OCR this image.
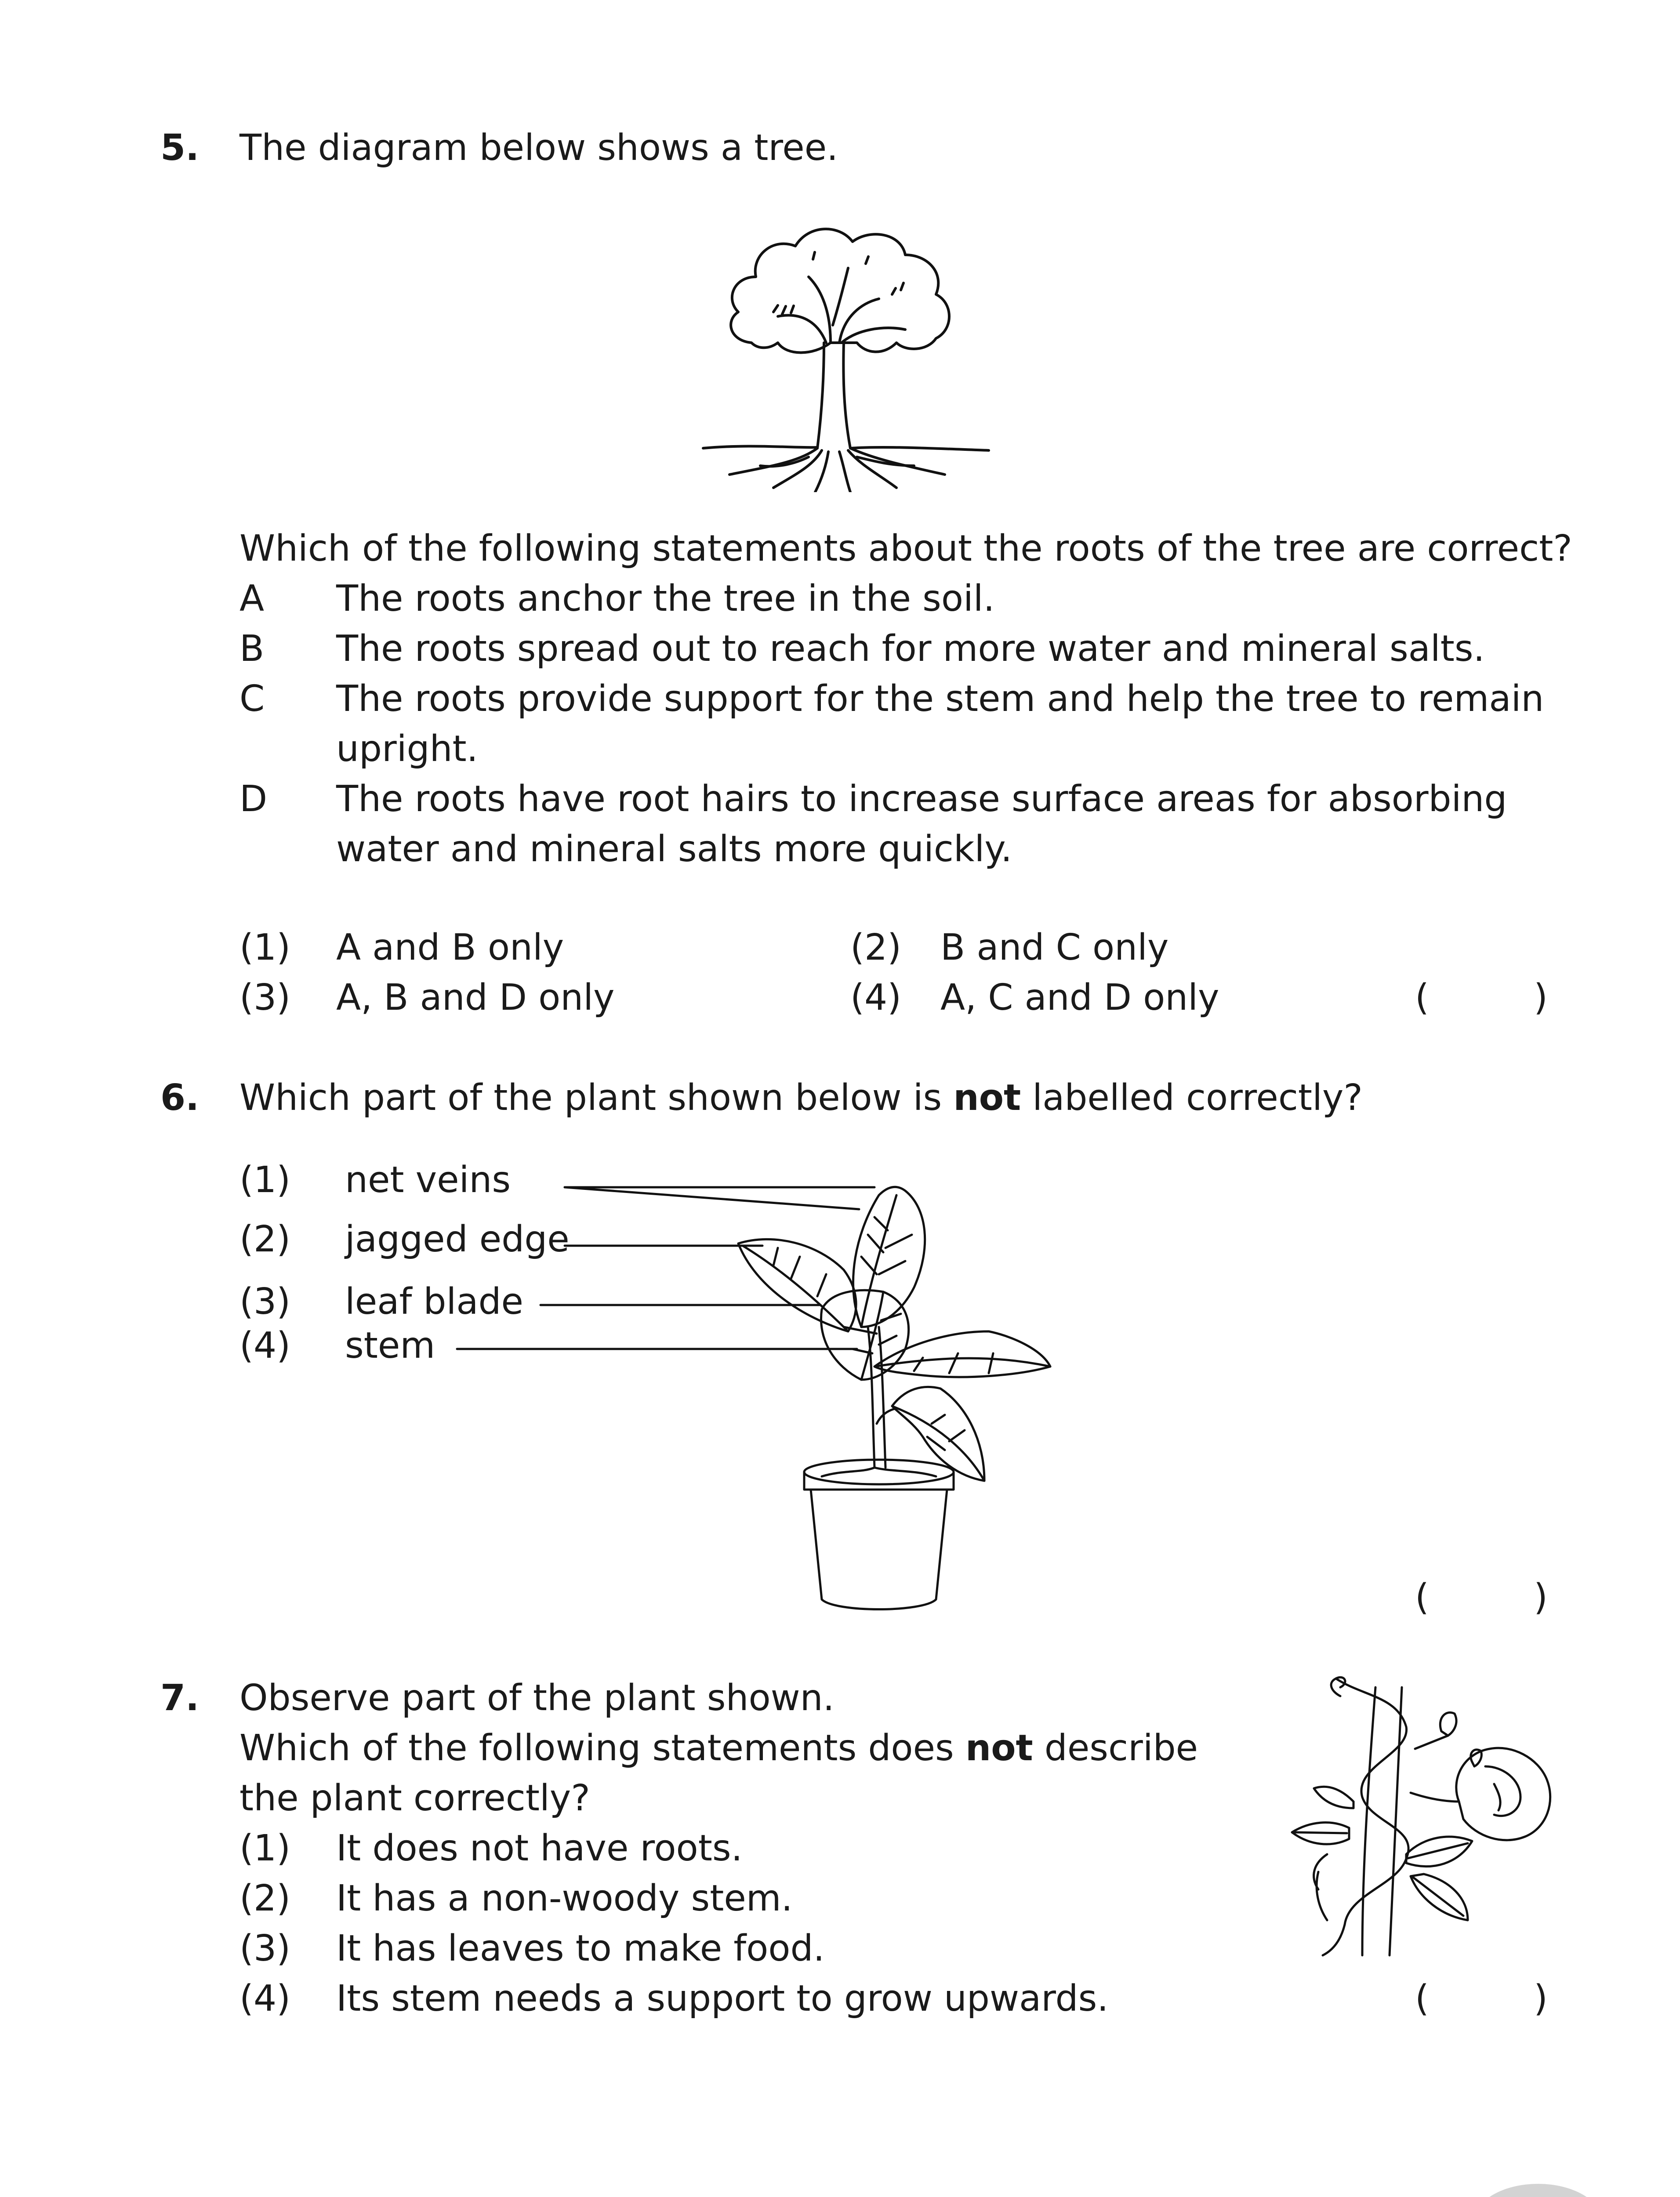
5. The diagram below shows a tree.
Which of the following statements about the roots of the tree are correct?
A The roots anchor the tree in the soil.
B The roots spread out to reach for more water and mineral salts.
C The roots provide support for the stem and help the tree to remain
upright.
D The roots have root hairs to increase surface areas for absorbing
water and mineral salts more quickly.
(1) A and B only	(2) B and C only
(3) A, B and D only	(4) A, C and D only	(	)
6. Which part of the plant shown below is not labelled correctly?
(1) net veins
(2) jagged edge
(3) leaf blade
(4) stem
(	)
7. Observe part of the plant shown.
Which of the following statements does not describe
the plant correctly?
(1) It does not have roots.
(2) It has a non-woody stem.
(3) It has leaves to make food.
(4) Its stem needs a support to grow upwards.	(	)
